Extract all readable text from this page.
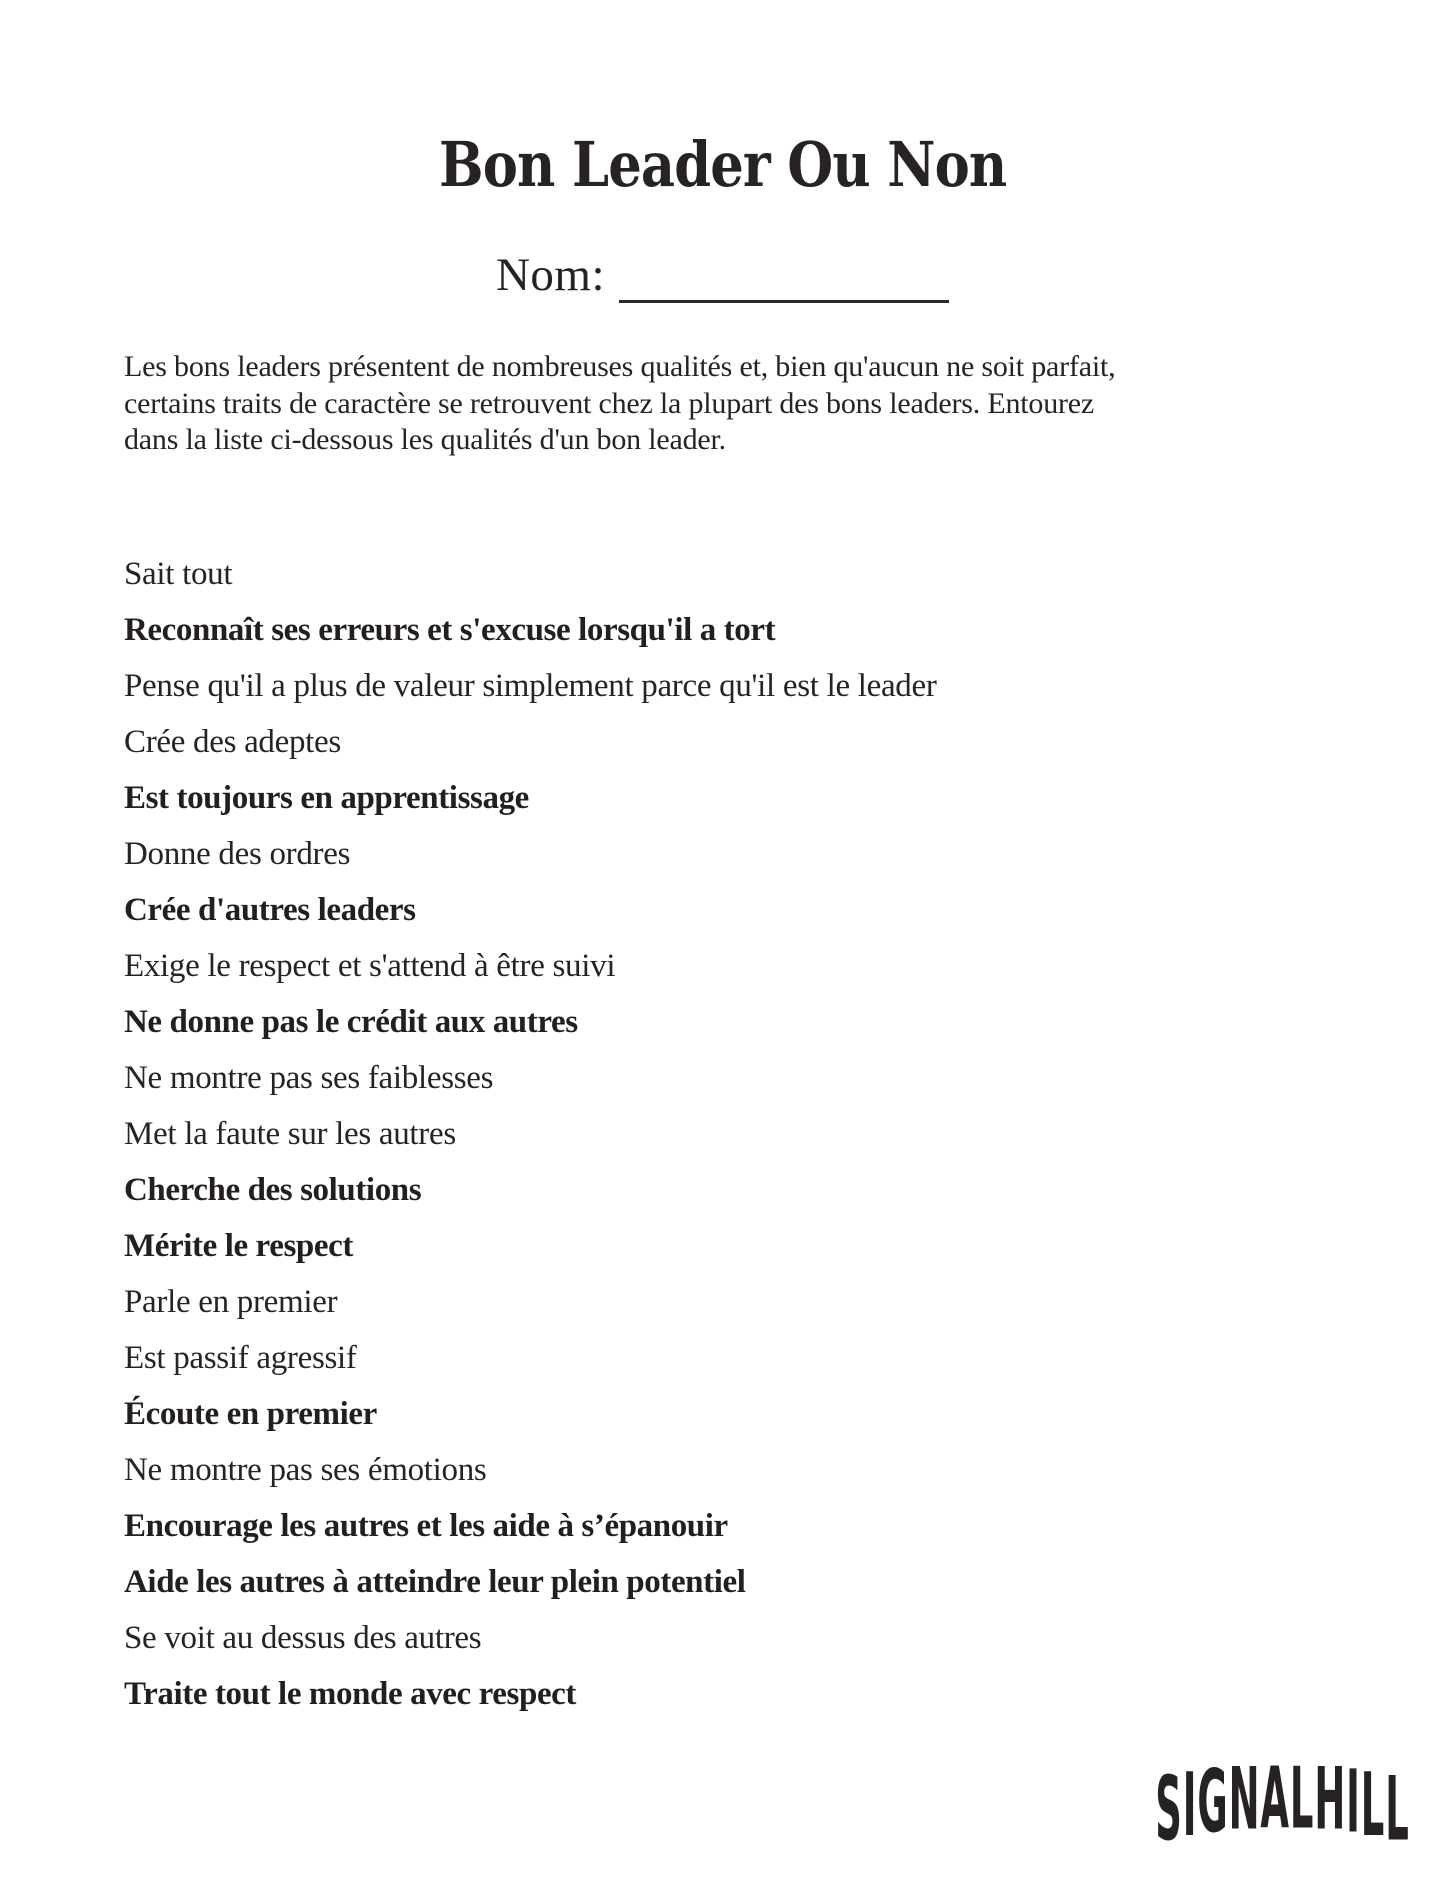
Bon Leader Ou Non
Nom:
Les bons leaders présentent de nombreuses qualités et, bien qu'aucun ne soit parfait,
certains traits de caractère se retrouvent chez la plupart des bons leaders. Entourez
dans la liste ci-dessous les qualités d'un bon leader.
Sait tout
Reconnaît ses erreurs et s'excuse lorsqu'il a tort
Pense qu'il a plus de valeur simplement parce qu'il est le leader
Crée des adeptes
Est toujours en apprentissage
Donne des ordres
Crée d'autres leaders
Exige le respect et s'attend à être suivi
Ne donne pas le crédit aux autres
Ne montre pas ses faiblesses
Met la faute sur les autres
Cherche des solutions
Mérite le respect
Parle en premier
Est passif agressif
Écoute en premier
Ne montre pas ses émotions
Encourage les autres et les aide à s’épanouir
Aide les autres à atteindre leur plein potentiel
Se voit au dessus des autres
Traite tout le monde avec respect
S I G N A L H I L L
